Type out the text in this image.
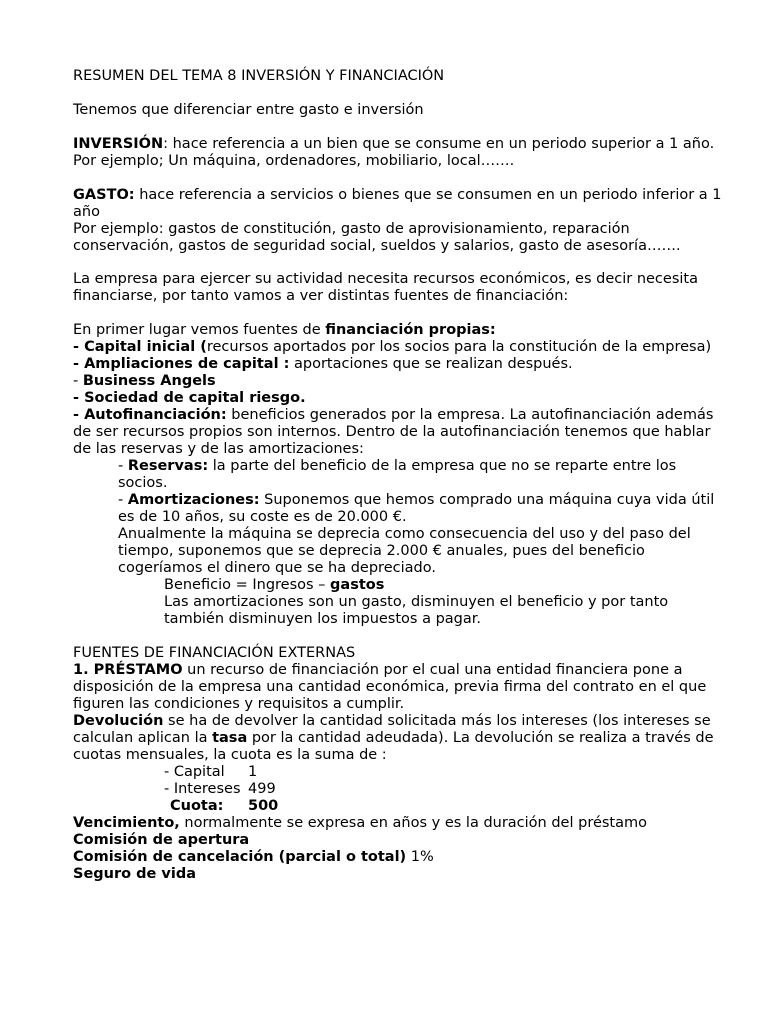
RESUMEN DEL TEMA 8 INVERSIÓN Y FINANCIACIÓN

Tenemos que diferenciar entre gasto e inversión

INVERSIÓN: hace referencia a un bien que se consume en un periodo superior a 1 año.

Por ejemplo; Un máquina, ordenadores, mobiliario, local…….

GASTO: hace referencia a servicios o bienes que se consumen en un periodo inferior a 1 año

Por ejemplo: gastos de constitución, gasto de aprovisionamiento, reparación conservación, gastos de seguridad social, sueldos y salarios, gasto de asesoría…….

La empresa para ejercer su actividad necesita recursos económicos, es decir necesita financiarse, por tanto vamos a ver distintas fuentes de financiación:

En primer lugar vemos fuentes de financiación propias:

- Capital inicial (recursos aportados por los socios para la constitución de la empresa)

- Ampliaciones de capital : aportaciones que se realizan después.

- Business Angels

- Sociedad de capital riesgo.

- Autofinanciación: beneficios generados por la empresa. La autofinanciación además de ser recursos propios son internos. Dentro de la autofinanciación tenemos que hablar de las reservas y de las amortizaciones:

- Reservas: la parte del beneficio de la empresa que no se reparte entre los socios.

- Amortizaciones: Suponemos que hemos comprado una máquina cuya vida útil es de 10 años, su coste es de 20.000 €.

Anualmente la máquina se deprecia como consecuencia del uso y del paso del tiempo, suponemos que se deprecia 2.000 € anuales, pues del beneficio cogeríamos el dinero que se ha depreciado.

Beneficio = Ingresos – gastos

Las amortizaciones son un gasto, disminuyen el beneficio y por tanto también disminuyen los impuestos a pagar.

FUENTES DE FINANCIACIÓN EXTERNAS

1. PRÉSTAMO un recurso de financiación por el cual una entidad financiera pone a disposición de la empresa una cantidad económica, previa firma del contrato en el que figuren las condiciones y requisitos a cumplir.

Devolución se ha de devolver la cantidad solicitada más los intereses (los intereses se calculan aplican la tasa por la cantidad adeudada). La devolución se realiza a través de cuotas mensuales, la cuota es la suma de :

- Capital 1

- Intereses 499

Cuota: 500

Vencimiento, normalmente se expresa en años y es la duración del préstamo

Comisión de apertura

Comisión de cancelación (parcial o total) 1%

Seguro de vida
